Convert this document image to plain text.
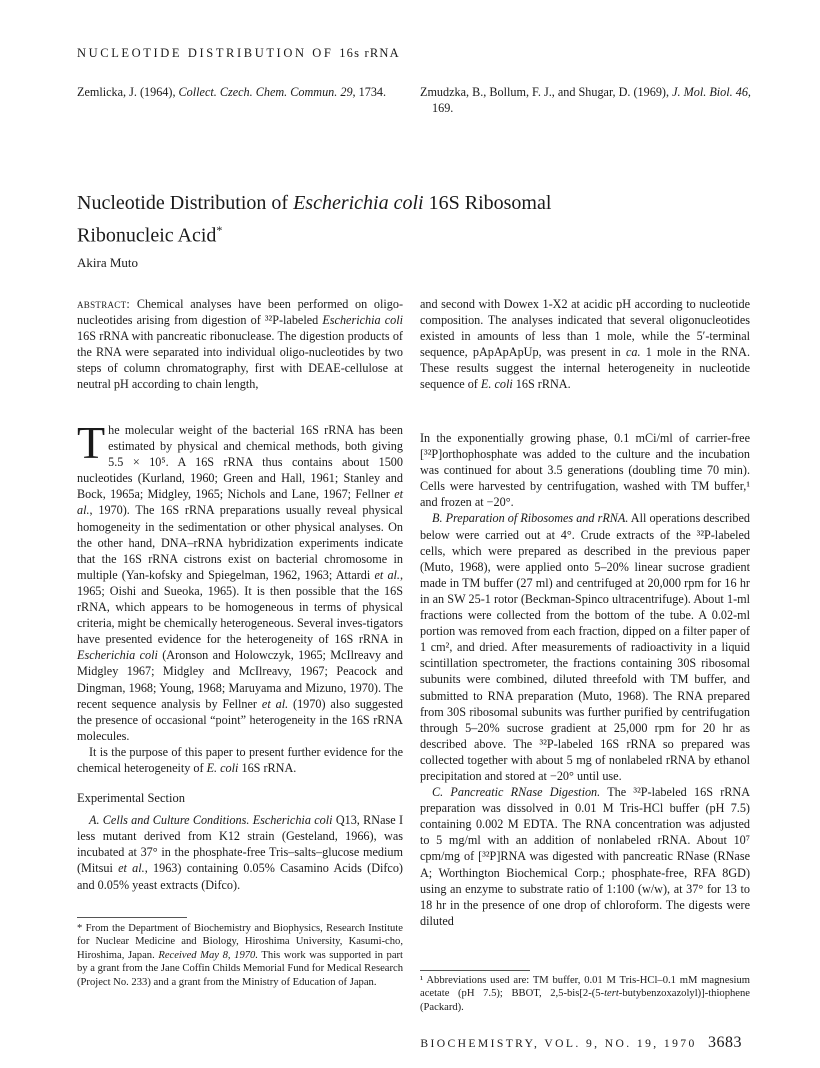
NUCLEOTIDE DISTRIBUTION OF 16s rRNA
Zemlicka, J. (1964), Collect. Czech. Chem. Commun. 29, 1734.	Zmudzka, B., Bollum, F. J., and Shugar, D. (1969), J. Mol. Biol. 46, 169.
Nucleotide Distribution of Escherichia coli 16S Ribosomal Ribonucleic Acid*
Akira Muto
abstract: Chemical analyses have been performed on oligo-nucleotides arising from digestion of ³²P-labeled Escherichia coli 16S rRNA with pancreatic ribonuclease. The digestion products of the RNA were separated into individual oligo-nucleotides by two steps of column chromatography, first with DEAE-cellulose at neutral pH according to chain length,
and second with Dowex 1-X2 at acidic pH according to nucleotide composition. The analyses indicated that several oligonucleotides existed in amounts of less than 1 mole, while the 5′-terminal sequence, pApApApUp, was present in ca. 1 mole in the RNA. These results suggest the internal heterogeneity in nucleotide sequence of E. coli 16S rRNA.

The molecular weight of the bacterial 16S rRNA has been estimated by physical and chemical methods, both giving 5.5 × 10⁵. A 16S rRNA thus contains about 1500 nucleotides (Kurland, 1960; Green and Hall, 1961; Stanley and Bock, 1965a; Midgley, 1965; Nichols and Lane, 1967; Fellner et al., 1970). The 16S rRNA preparations usually reveal physical homogeneity in the sedimentation or other physical analyses. On the other hand, DNA–rRNA hybridization experiments indicate that the 16S rRNA cistrons exist on bacterial chromosome in multiple (Yan-kofsky and Spiegelman, 1962, 1963; Attardi et al., 1965; Oishi and Sueoka, 1965). It is then possible that the 16S rRNA, which appears to be homogeneous in terms of physical criteria, might be chemically heterogeneous. Several inves-tigators have presented evidence for the heterogeneity of 16S rRNA in Escherichia coli (Aronson and Holowczyk, 1965; McIlreavy and Midgley 1967; Midgley and McIlreavy, 1967; Peacock and Dingman, 1968; Young, 1968; Maruyama and Mizuno, 1970). The recent sequence analysis by Fellner et al. (1970) also suggested the presence of occasional “point” heterogeneity in the 16S rRNA molecules.

It is the purpose of this paper to present further evidence for the chemical heterogeneity of E. coli 16S rRNA.

Experimental Section

A. Cells and Culture Conditions. Escherichia coli Q13, RNase I less mutant derived from K12 strain (Gesteland, 1966), was incubated at 37° in the phosphate-free Tris–salts–glucose medium (Mitsui et al., 1963) containing 0.05% Casamino Acids (Difco) and 0.05% yeast extracts (Difco).

* From the Department of Biochemistry and Biophysics, Research Institute for Nuclear Medicine and Biology, Hiroshima University, Kasumi-cho, Hiroshima, Japan. Received May 8, 1970. This work was supported in part by a grant from the Jane Coffin Childs Memorial Fund for Medical Research (Project No. 233) and a grant from the Ministry of Education of Japan.

In the exponentially growing phase, 0.1 mCi/ml of carrier-free [³²P]orthophosphate was added to the culture and the incubation was continued for about 3.5 generations (doubling time 70 min). Cells were harvested by centrifugation, washed with TM buffer,¹ and frozen at −20°.

B. Preparation of Ribosomes and rRNA. All operations described below were carried out at 4°. Crude extracts of the ³²P-labeled cells, which were prepared as described in the previous paper (Muto, 1968), were applied onto 5–20% linear sucrose gradient made in TM buffer (27 ml) and centrifuged at 20,000 rpm for 16 hr in an SW 25-1 rotor (Beckman-Spinco ultracentrifuge). About 1-ml fractions were collected from the bottom of the tube. A 0.02-ml portion was removed from each fraction, dipped on a filter paper of 1 cm², and dried. After measurements of radioactivity in a liquid scintillation spectrometer, the fractions containing 30S ribosomal subunits were combined, diluted threefold with TM buffer, and submitted to RNA preparation (Muto, 1968). The RNA prepared from 30S ribosomal subunits was further purified by centrifugation through 5–20% sucrose gradient at 25,000 rpm for 20 hr as described above. The ³²P-labeled 16S rRNA so prepared was collected together with about 5 mg of nonlabeled rRNA by ethanol precipitation and stored at −20° until use.

C. Pancreatic RNase Digestion. The ³²P-labeled 16S rRNA preparation was dissolved in 0.01 M Tris-HCl buffer (pH 7.5) containing 0.002 M EDTA. The RNA concentration was adjusted to 5 mg/ml with an addition of nonlabeled rRNA. About 10⁷ cpm/mg of [³²P]RNA was digested with pancreatic RNase (RNase A; Worthington Biochemical Corp.; phosphate-free, RFA 8GD) using an enzyme to substrate ratio of 1:100 (w/w), at 37° for 13 to 18 hr in the presence of one drop of chloroform. The digests were diluted

¹ Abbreviations used are: TM buffer, 0.01 M Tris-HCl–0.1 mM magnesium acetate (pH 7.5); BBOT, 2,5-bis[2-(5-tert-butybenzoxazolyl)]-thiophene (Packard).
BIOCHEMISTRY, VOL. 9, NO. 19, 1970 3683
